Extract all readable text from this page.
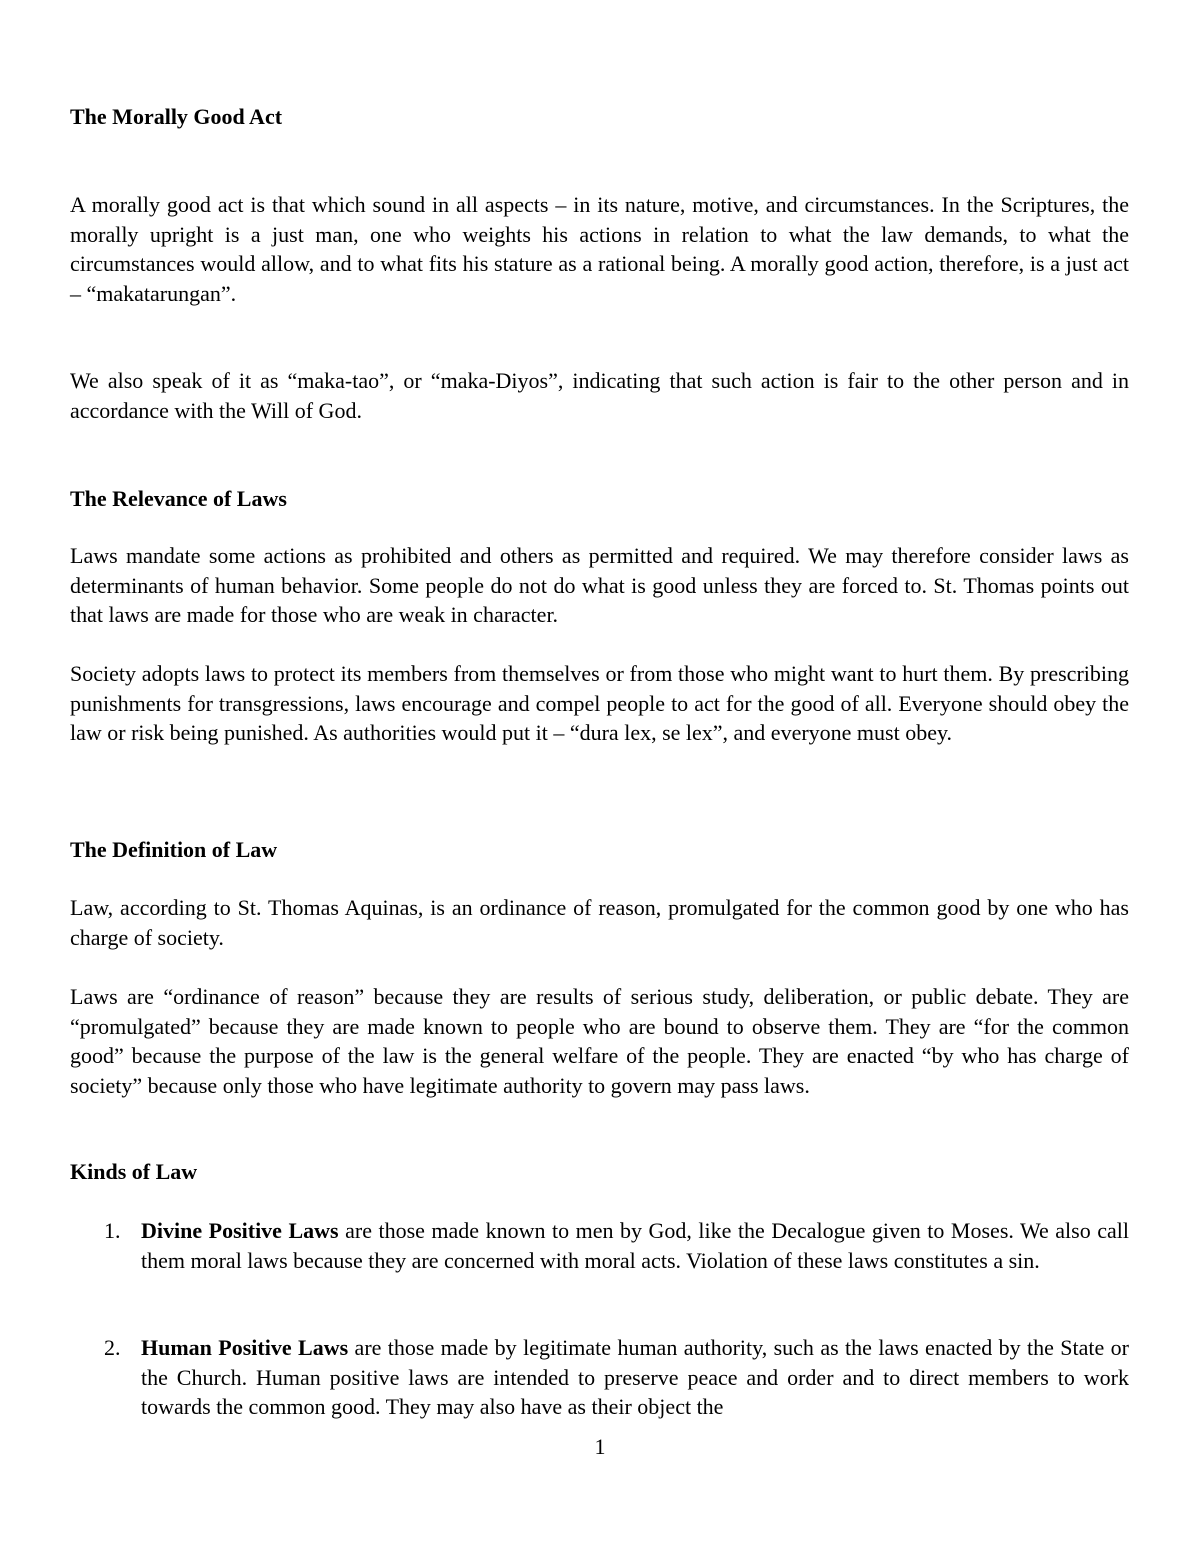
The Morally Good Act

A morally good act is that which sound in all aspects – in its nature, motive, and circumstances. In the Scriptures, the morally upright is a just man, one who weights his actions in relation to what the law demands, to what the circumstances would allow, and to what fits his stature as a rational being. A morally good action, therefore, is a just act – “makatarungan”.

We also speak of it as “maka-tao”, or “maka-Diyos”, indicating that such action is fair to the other person and in accordance with the Will of God.

The Relevance of Laws

Laws mandate some actions as prohibited and others as permitted and required. We may therefore consider laws as determinants of human behavior. Some people do not do what is good unless they are forced to. St. Thomas points out that laws are made for those who are weak in character.

Society adopts laws to protect its members from themselves or from those who might want to hurt them. By prescribing punishments for transgressions, laws encourage and compel people to act for the good of all. Everyone should obey the law or risk being punished. As authorities would put it – “dura lex, se lex”, and everyone must obey.

The Definition of Law

Law, according to St. Thomas Aquinas, is an ordinance of reason, promulgated for the common good by one who has charge of society.

Laws are “ordinance of reason” because they are results of serious study, deliberation, or public debate. They are “promulgated” because they are made known to people who are bound to observe them. They are “for the common good” because the purpose of the law is the general welfare of the people. They are enacted “by who has charge of society” because only those who have legitimate authority to govern may pass laws.

Kinds of Law
1. Divine Positive Laws are those made known to men by God, like the Decalogue given to Moses. We also call them moral laws because they are concerned with moral acts. Violation of these laws constitutes a sin.
2. Human Positive Laws are those made by legitimate human authority, such as the laws enacted by the State or the Church. Human positive laws are intended to preserve peace and order and to direct members to work towards the common good. They may also have as their object the
1
